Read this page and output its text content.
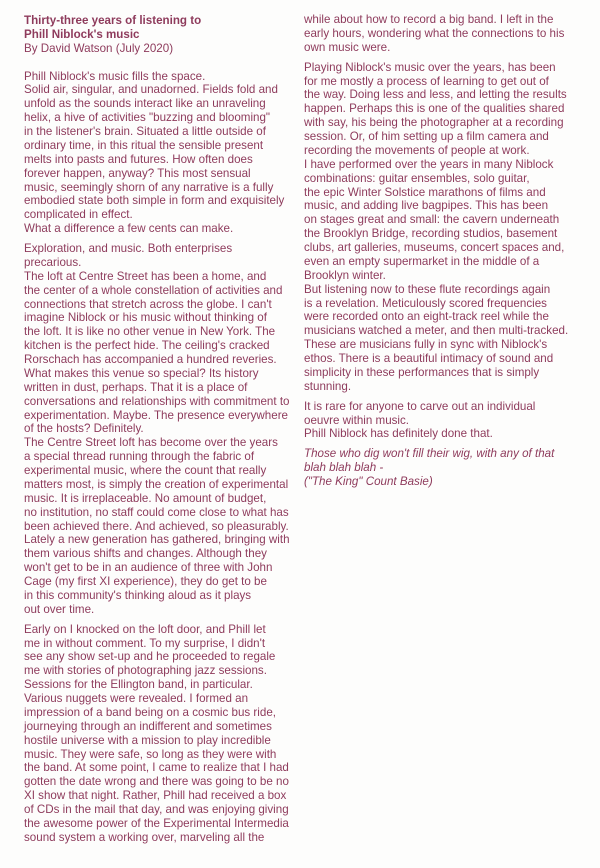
Thirty-three years of listening to
Phill Niblock's music
By David Watson (July 2020)
Phill Niblock's music fills the space.
Solid air, singular, and unadorned. Fields fold and
unfold as the sounds interact like an unraveling
helix, a hive of activities "buzzing and blooming"
in the listener's brain. Situated a little outside of
ordinary time, in this ritual the sensible present
melts into pasts and futures. How often does
forever happen, anyway? This most sensual
music, seemingly shorn of any narrative is a fully
embodied state both simple in form and exquisitely
complicated in effect.
What a difference a few cents can make.
Exploration, and music. Both enterprises
precarious.
The loft at Centre Street has been a home, and
the center of a whole constellation of activities and
connections that stretch across the globe. I can't
imagine Niblock or his music without thinking of
the loft. It is like no other venue in New York. The
kitchen is the perfect hide. The ceiling's cracked
Rorschach has accompanied a hundred reveries.
What makes this venue so special? Its history
written in dust, perhaps. That it is a place of
conversations and relationships with commitment to
experimentation. Maybe. The presence everywhere
of the hosts? Definitely.
The Centre Street loft has become over the years
a special thread running through the fabric of
experimental music, where the count that really
matters most, is simply the creation of experimental
music. It is irreplaceable. No amount of budget,
no institution, no staff could come close to what has
been achieved there. And achieved, so pleasurably.
Lately a new generation has gathered, bringing with
them various shifts and changes. Although they
won't get to be in an audience of three with John
Cage (my first XI experience), they do get to be
in this community's thinking aloud as it plays
out over time.
Early on I knocked on the loft door, and Phill let
me in without comment. To my surprise, I didn't
see any show set-up and he proceeded to regale
me with stories of photographing jazz sessions.
Sessions for the Ellington band, in particular.
Various nuggets were revealed. I formed an
impression of a band being on a cosmic bus ride,
journeying through an indifferent and sometimes
hostile universe with a mission to play incredible
music. They were safe, so long as they were with
the band. At some point, I came to realize that I had
gotten the date wrong and there was going to be no
XI show that night. Rather, Phill had received a box
of CDs in the mail that day, and was enjoying giving
the awesome power of the Experimental Intermedia
sound system a working over, marveling all the
while about how to record a big band. I left in the
early hours, wondering what the connections to his
own music were.
Playing Niblock's music over the years, has been
for me mostly a process of learning to get out of
the way. Doing less and less, and letting the results
happen. Perhaps this is one of the qualities shared
with say, his being the photographer at a recording
session. Or, of him setting up a film camera and
recording the movements of people at work.
I have performed over the years in many Niblock
combinations: guitar ensembles, solo guitar,
the epic Winter Solstice marathons of films and
music, and adding live bagpipes. This has been
on stages great and small: the cavern underneath
the Brooklyn Bridge, recording studios, basement
clubs, art galleries, museums, concert spaces and,
even an empty supermarket in the middle of a
Brooklyn winter.
But listening now to these flute recordings again
is a revelation. Meticulously scored frequencies
were recorded onto an eight-track reel while the
musicians watched a meter, and then multi-tracked.
These are musicians fully in sync with Niblock's
ethos. There is a beautiful intimacy of sound and
simplicity in these performances that is simply
stunning.
It is rare for anyone to carve out an individual
oeuvre within music.
Phill Niblock has definitely done that.
Those who dig won't fill their wig, with any of that
blah blah blah -
("The King" Count Basie)
